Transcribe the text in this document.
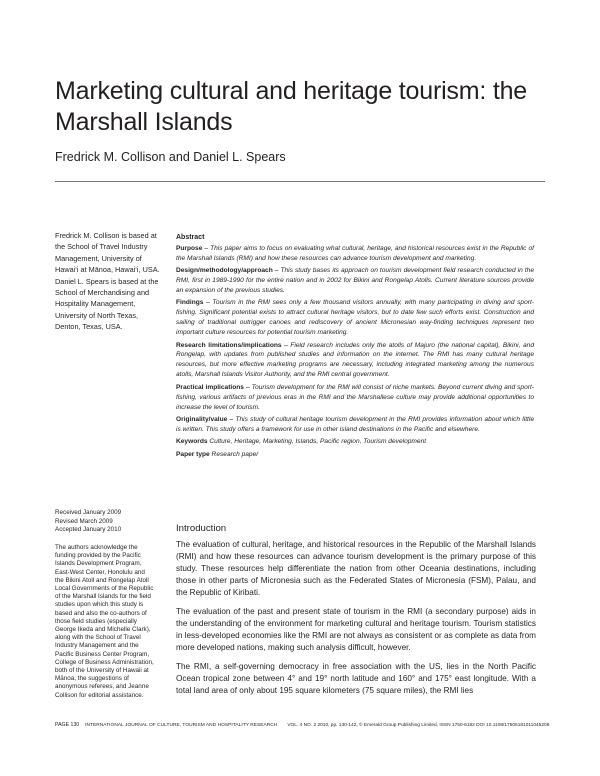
Marketing cultural and heritage tourism: the Marshall Islands
Fredrick M. Collison and Daniel L. Spears

Fredrick M. Collison is based at the School of Travel Industry Management, University of Hawai‘i at Mānoa, Hawai‘i, USA. Daniel L. Spears is based at the School of Merchandising and Hospitality Management, University of North Texas, Denton, Texas, USA.

Received January 2009
Revised March 2009
Accepted January 2010
The authors acknowledge the funding provided by the Pacific Islands Development Program, East-West Center, Honolulu and the Bikini Atoll and Rongelap Atoll Local Governments of the Republic of the Marshall Islands for the field studies upon which this study is based and also the co-authors of those field studies (especially George Ikeda and Michelle Clark), along with the School of Travel Industry Management and the Pacific Business Center Program, College of Business Administration, both of the University of Hawaii at Mānoa, the suggestions of anonymous referees, and Jeanne Collison for editorial assistance.
Abstract

Purpose – This paper aims to focus on evaluating what cultural, heritage, and historical resources exist in the Republic of the Marshall Islands (RMI) and how these resources can advance tourism development and marketing.

Design/methodology/approach – This study bases its approach on tourism development field research conducted in the RMI, first in 1989-1990 for the entire nation and in 2002 for Bikini and Rongelap Atolls. Current literature sources provide an expansion of the previous studies.

Findings – Tourism in the RMI sees only a few thousand visitors annually, with many participating in diving and sport-fishing. Significant potential exists to attract cultural heritage visitors, but to date few such efforts exist. Construction and sailing of traditional outrigger canoes and rediscovery of ancient Micronesian way-finding techniques represent two important culture resources for potential tourism marketing.

Research limitations/implications – Field research includes only the atolls of Majuro (the national capital), Bikini, and Rongelap, with updates from published studies and information on the internet. The RMI has many cultural heritage resources, but more effective marketing programs are necessary, including integrated marketing among the numerous atolls, Marshall Islands Visitor Authority, and the RMI central government.

Practical implications – Tourism development for the RMI will consist of niche markets. Beyond current diving and sport-fishing, various artifacts of previous eras in the RMI and the Marshallese culture may provide additional opportunities to increase the level of tourism.

Originality/value – This study of cultural heritage tourism development in the RMI provides information about which little is written. This study offers a framework for use in other island destinations in the Pacific and elsewhere.

Keywords Culture, Heritage, Marketing, Islands, Pacific region, Tourism development

Paper type Research paper

Introduction

The evaluation of cultural, heritage, and historical resources in the Republic of the Marshall Islands (RMI) and how these resources can advance tourism development is the primary purpose of this study. These resources help differentiate the nation from other Oceania destinations, including those in other parts of Micronesia such as the Federated States of Micronesia (FSM), Palau, and the Republic of Kiribati.

The evaluation of the past and present state of tourism in the RMI (a secondary purpose) aids in the understanding of the environment for marketing cultural and heritage tourism. Tourism statistics in less-developed economies like the RMI are not always as consistent or as complete as data from more developed nations, making such analysis difficult, however.

The RMI, a self-governing democracy in free association with the US, lies in the North Pacific Ocean tropical zone between 4° and 19° north latitude and 160° and 175° east longitude. With a total land area of only about 195 square kilometers (75 square miles), the RMI lies

PAGE 130 INTERNATIONAL JOURNAL OF CULTURE, TOURISM AND HOSPITALITY RESEARCH VOL. 4 NO. 2 2010, pp. 130-142, © Emerald Group Publishing Limited, ISSN 1750-6182 DOI 10.1108/17506181011045208
